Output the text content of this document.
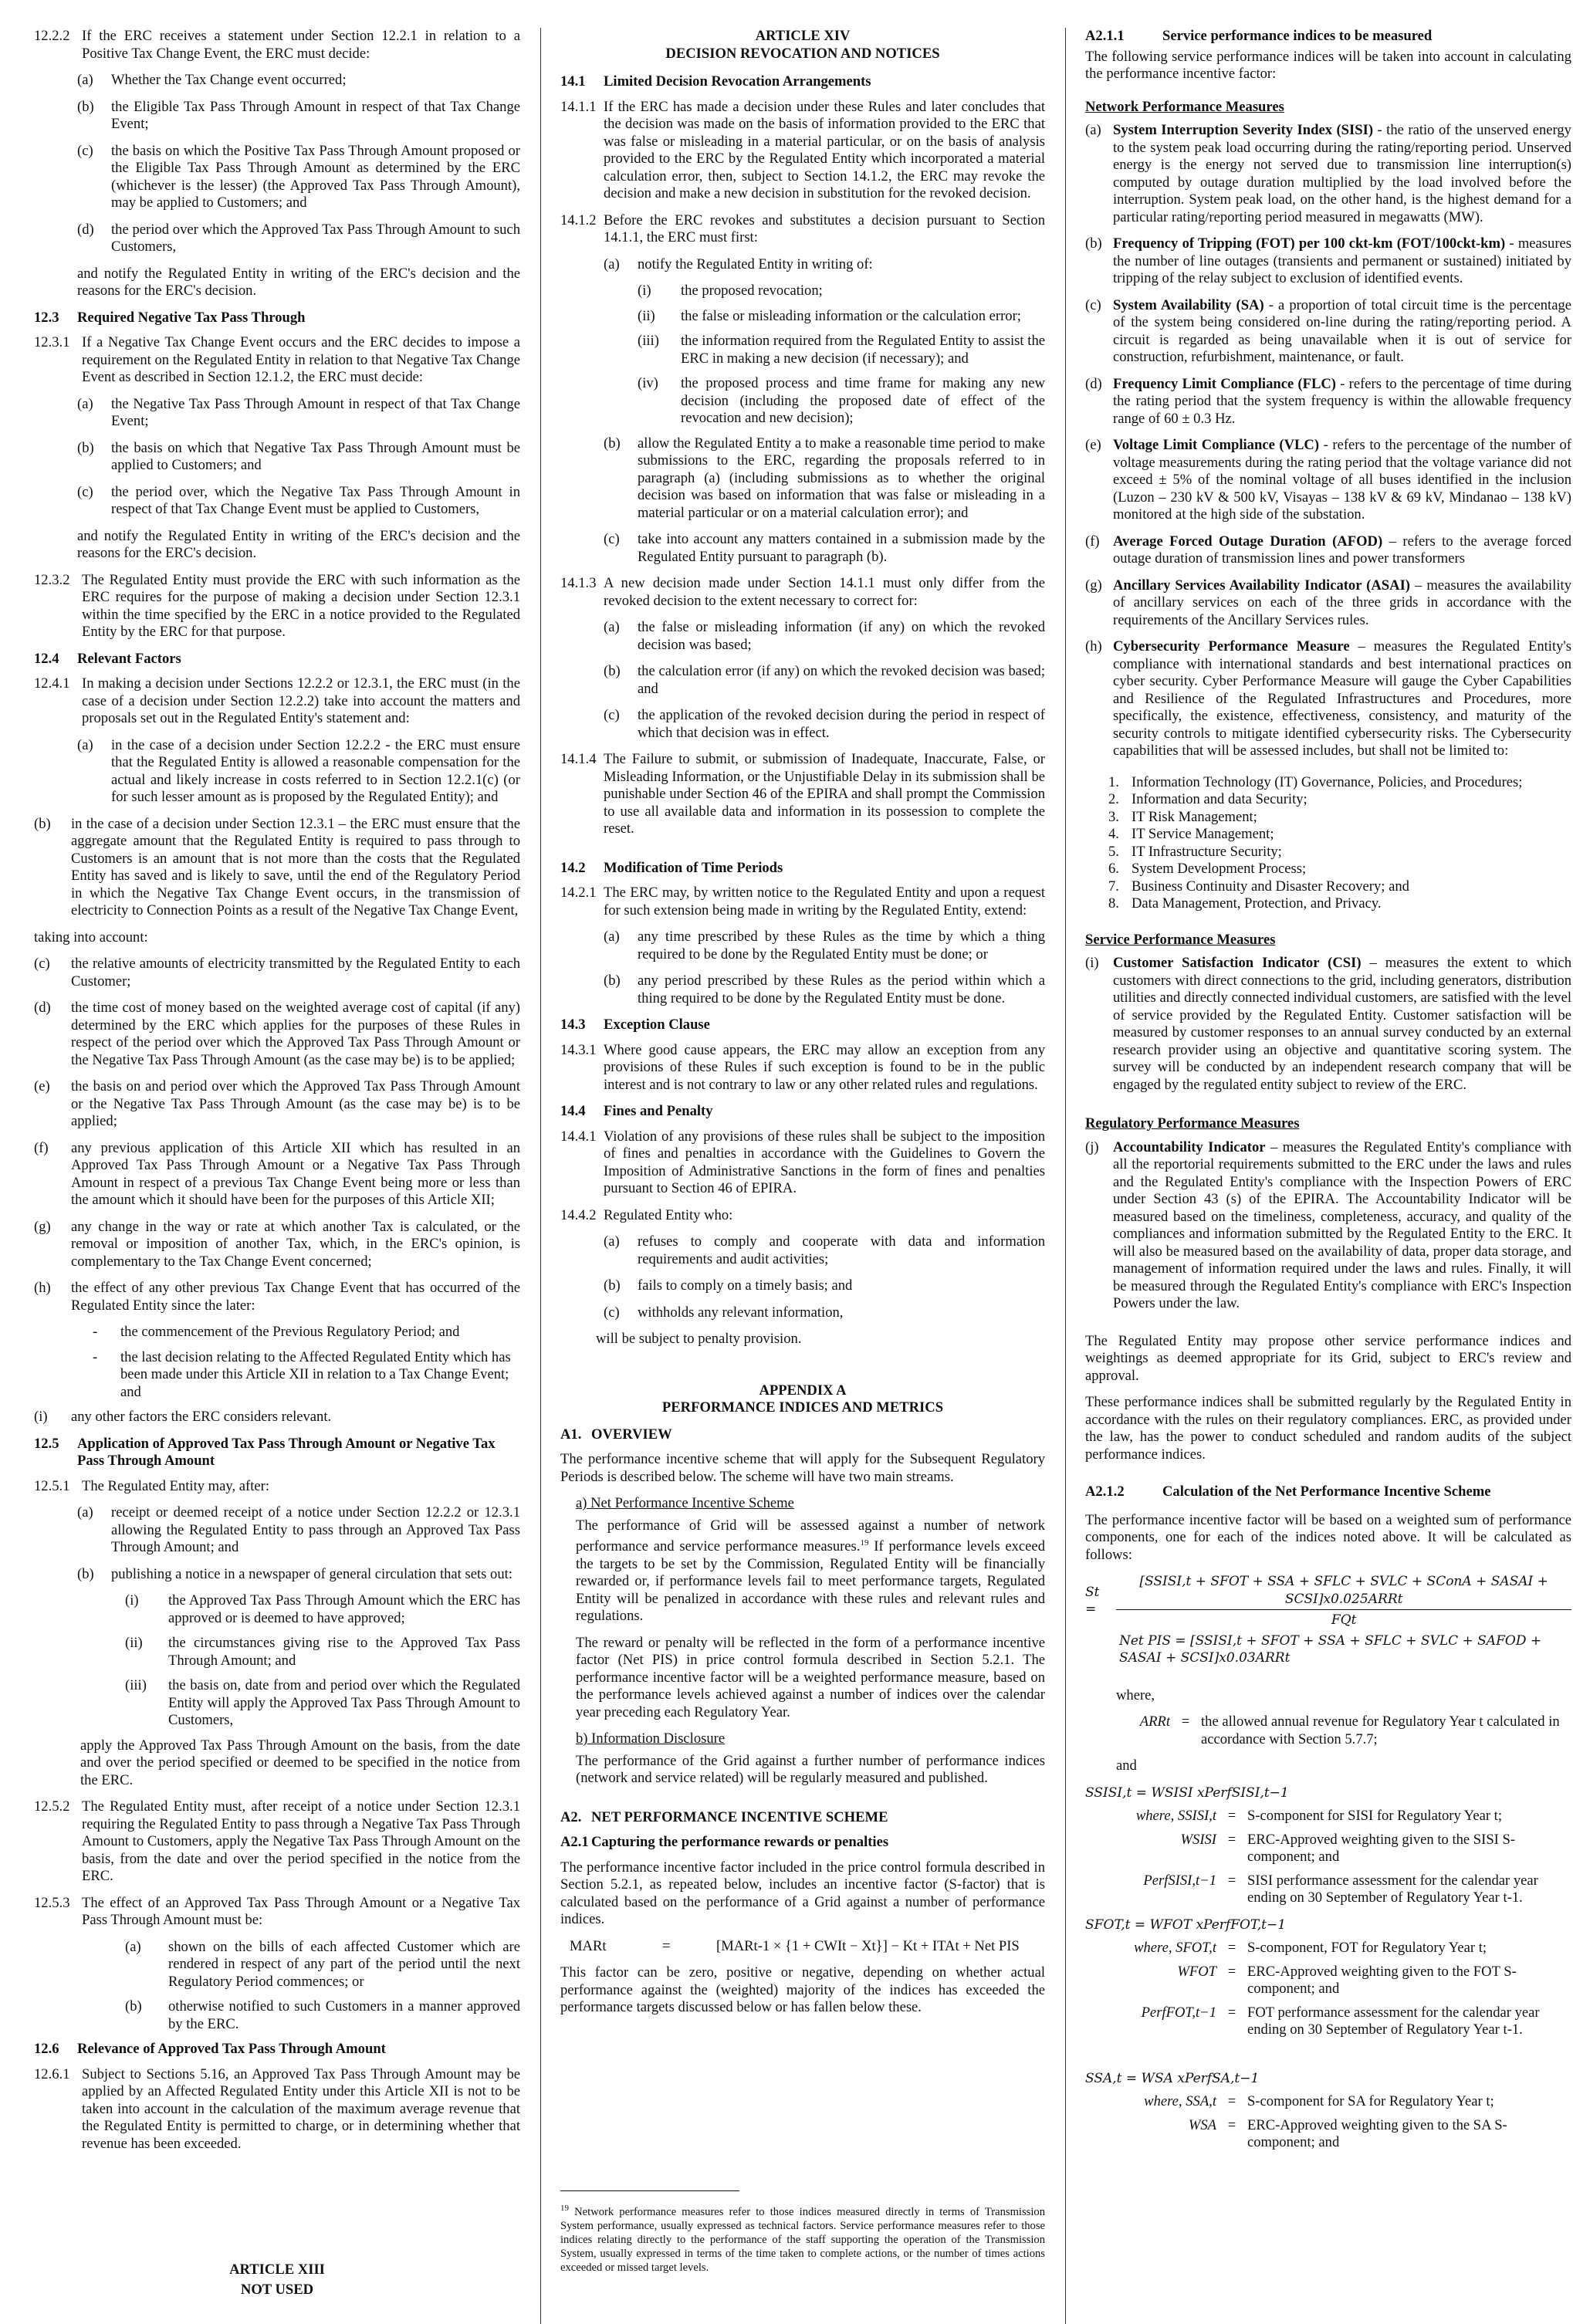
12.2.2 If the ERC receives a statement under Section 12.2.1 in relation to a Positive Tax Change Event, the ERC must decide:
(a)	Whether the Tax Change event occurred;
(b)	the Eligible Tax Pass Through Amount in respect of that Tax Change Event;
(c)	the basis on which the Positive Tax Pass Through Amount proposed or the Eligible Tax Pass Through Amount as determined by the ERC (whichever is the lesser) (the Approved Tax Pass Through Amount), may be applied to Customers; and
(d)	the period over which the Approved Tax Pass Through Amount to such Customers,

and notify the Regulated Entity in writing of the ERC's decision and the reasons for the ERC's decision.

12.3 Required Negative Tax Pass Through
12.3.1 If a Negative Tax Change Event occurs and the ERC decides to impose a requirement on the Regulated Entity in relation to that Negative Tax Change Event as described in Section 12.1.2, the ERC must decide:
(a)	the Negative Tax Pass Through Amount in respect of that Tax Change Event;
(b)	the basis on which that Negative Tax Pass Through Amount must be applied to Customers; and
(c)	the period over, which the Negative Tax Pass Through Amount in respect of that Tax Change Event must be applied to Customers,

and notify the Regulated Entity in writing of the ERC's decision and the reasons for the ERC's decision.

12.3.2 The Regulated Entity must provide the ERC with such information as the ERC requires for the purpose of making a decision under Section 12.3.1 within the time specified by the ERC in a notice provided to the Regulated Entity by the ERC for that purpose.
12.4 Relevant Factors
12.4.1 In making a decision under Sections 12.2.2 or 12.3.1, the ERC must (in the case of a decision under Section 12.2.2) take into account the matters and proposals set out in the Regulated Entity's statement and:
(a)	in the case of a decision under Section 12.2.2 - the ERC must ensure that the Regulated Entity is allowed a reasonable compensation for the actual and likely increase in costs referred to in Section 12.2.1(c) (or for such lesser amount as is proposed by the Regulated Entity); and
(b)	in the case of a decision under Section 12.3.1 – the ERC must ensure that the aggregate amount that the Regulated Entity is required to pass through to Customers is an amount that is not more than the costs that the Regulated Entity has saved and is likely to save, until the end of the Regulatory Period in which the Negative Tax Change Event occurs, in the transmission of electricity to Connection Points as a result of the Negative Tax Change Event,

taking into account:

(c)	the relative amounts of electricity transmitted by the Regulated Entity to each Customer;
(d)	the time cost of money based on the weighted average cost of capital (if any) determined by the ERC which applies for the purposes of these Rules in respect of the period over which the Approved Tax Pass Through Amount or the Negative Tax Pass Through Amount (as the case may be) is to be applied;
(e)	the basis on and period over which the Approved Tax Pass Through Amount or the Negative Tax Pass Through Amount (as the case may be) is to be applied;
(f)	any previous application of this Article XII which has resulted in an Approved Tax Pass Through Amount or a Negative Tax Pass Through Amount in respect of a previous Tax Change Event being more or less than the amount which it should have been for the purposes of this Article XII;
(g)	any change in the way or rate at which another Tax is calculated, or the removal or imposition of another Tax, which, in the ERC's opinion, is complementary to the Tax Change Event concerned;
(h)	the effect of any other previous Tax Change Event that has occurred of the Regulated Entity since the later:
-	the commencement of the Previous Regulatory Period; and
-	the last decision relating to the Affected Regulated Entity which has been made under this Article XII in relation to a Tax Change Event; and
(i)	any other factors the ERC considers relevant.
12.5	Application of Approved Tax Pass Through Amount or Negative Tax Pass Through Amount
12.5.1 The Regulated Entity may, after:
(a)	receipt or deemed receipt of a notice under Section 12.2.2 or 12.3.1 allowing the Regulated Entity to pass through an Approved Tax Pass Through Amount; and
(b)	publishing a notice in a newspaper of general circulation that sets out:
(i)	the Approved Tax Pass Through Amount which the ERC has approved or is deemed to have approved;
(ii)	the circumstances giving rise to the Approved Tax Pass Through Amount; and
(iii)	the basis on, date from and period over which the Regulated Entity will apply the Approved Tax Pass Through Amount to Customers,

apply the Approved Tax Pass Through Amount on the basis, from the date and over the period specified or deemed to be specified in the notice from the ERC.

12.5.2 The Regulated Entity must, after receipt of a notice under Section 12.3.1 requiring the Regulated Entity to pass through a Negative Tax Pass Through Amount to Customers, apply the Negative Tax Pass Through Amount on the basis, from the date and over the period specified in the notice from the ERC.
12.5.3 The effect of an Approved Tax Pass Through Amount or a Negative Tax Pass Through Amount must be:
(a)	shown on the bills of each affected Customer which are rendered in respect of any part of the period until the next Regulatory Period commences; or
(b)	otherwise notified to such Customers in a manner approved by the ERC.
12.6 Relevance of Approved Tax Pass Through Amount
12.6.1 Subject to Sections 5.16, an Approved Tax Pass Through Amount may be applied by an Affected Regulated Entity under this Article XII is not to be taken into account in the calculation of the maximum average revenue that the Regulated Entity is permitted to charge, or in determining whether that revenue has been exceeded.
ARTICLE XIII
NOT USED
ARTICLE XIV
DECISION REVOCATION AND NOTICES
14.1 Limited Decision Revocation Arrangements
14.1.1 If the ERC has made a decision under these Rules and later concludes that the decision was made on the basis of information provided to the ERC that was false or misleading in a material particular, or on the basis of analysis provided to the ERC by the Regulated Entity which incorporated a material calculation error, then, subject to Section 14.1.2, the ERC may revoke the decision and make a new decision in substitution for the revoked decision.
14.1.2 Before the ERC revokes and substitutes a decision pursuant to Section 14.1.1, the ERC must first:
(a)	notify the Regulated Entity in writing of:
(i)	the proposed revocation;
(ii)	the false or misleading information or the calculation error;
(iii)	the information required from the Regulated Entity to assist the ERC in making a new decision (if necessary); and
(iv)	the proposed process and time frame for making any new decision (including the proposed date of effect of the revocation and new decision);
(b)	allow the Regulated Entity a to make a reasonable time period to make submissions to the ERC, regarding the proposals referred to in paragraph (a) (including submissions as to whether the original decision was based on information that was false or misleading in a material particular or on a material calculation error); and
(c)	take into account any matters contained in a submission made by the Regulated Entity pursuant to paragraph (b).
14.1.3 A new decision made under Section 14.1.1 must only differ from the revoked decision to the extent necessary to correct for:
(a)	the false or misleading information (if any) on which the revoked decision was based;
(b)	the calculation error (if any) on which the revoked decision was based; and
(c)	the application of the revoked decision during the period in respect of which that decision was in effect.
14.1.4 The Failure to submit, or submission of Inadequate, Inaccurate, False, or Misleading Information, or the Unjustifiable Delay in its submission shall be punishable under Section 46 of the EPIRA and shall prompt the Commission to use all available data and information in its possession to complete the reset.
14.2 Modification of Time Periods
14.2.1 The ERC may, by written notice to the Regulated Entity and upon a request for such extension being made in writing by the Regulated Entity, extend:
(a)	any time prescribed by these Rules as the time by which a thing required to be done by the Regulated Entity must be done; or
(b)	any period prescribed by these Rules as the period within which a thing required to be done by the Regulated Entity must be done.
14.3 Exception Clause
14.3.1 Where good cause appears, the ERC may allow an exception from any provisions of these Rules if such exception is found to be in the public interest and is not contrary to law or any other related rules and regulations.
14.4 Fines and Penalty
14.4.1 Violation of any provisions of these rules shall be subject to the imposition of fines and penalties in accordance with the Guidelines to Govern the Imposition of Administrative Sanctions in the form of fines and penalties pursuant to Section 46 of EPIRA.
14.4.2 Regulated Entity who:
(a)	refuses to comply and cooperate with data and information requirements and audit activities;
(b)	fails to comply on a timely basis; and
(c)	withholds any relevant information,

will be subject to penalty provision.

APPENDIX A
PERFORMANCE INDICES AND METRICS
A1. OVERVIEW

The performance incentive scheme that will apply for the Subsequent Regulatory Periods is described below. The scheme will have two main streams.

a) Net Performance Incentive Scheme

The performance of Grid will be assessed against a number of network performance and service performance measures.$^{19}$ If performance levels exceed the targets to be set by the Commission, Regulated Entity will be financially rewarded or, if performance levels fail to meet performance targets, Regulated Entity will be penalized in accordance with these rules and relevant rules and regulations.

The reward or penalty will be reflected in the form of a performance incentive factor (Net PIS) in price control formula described in Section 5.2.1. The performance incentive factor will be a weighted performance measure, based on the performance levels achieved against a number of indices over the calendar year preceding each Regulatory Year.

b) Information Disclosure

The performance of the Grid against a further number of performance indices (network and service related) will be regularly measured and published.

A2. NET PERFORMANCE INCENTIVE SCHEME
A2.1 Capturing the performance rewards or penalties

The performance incentive factor included in the price control formula described in Section 5.2.1, as repeated below, includes an incentive factor (S-factor) that is calculated based on the performance of a Grid against a number of performance indices.

MARt	=	[MARt-1 × {1 + CWIt − Xt}] − Kt + ITAt + Net PIS

This factor can be zero, positive or negative, depending on whether actual performance against the (weighted) majority of the indices has exceeded the performance targets discussed below or has fallen below these.

$^{19}$ Network performance measures refer to those indices measured directly in terms of Transmission System performance, usually expressed as technical factors. Service performance measures refer to those indices relating directly to the performance of the staff supporting the operation of the Transmission System, usually expressed in terms of the time taken to complete actions, or the number of times actions exceeded or missed target levels.
A2.1.1	Service performance indices to be measured

The following service performance indices will be taken into account in calculating the performance incentive factor:

Network Performance Measures
(a) System Interruption Severity Index (SISI) - the ratio of the unserved energy to the system peak load occurring during the rating/reporting period. Unserved energy is the energy not served due to transmission line interruption(s) computed by outage duration multiplied by the load involved before the interruption. System peak load, on the other hand, is the highest demand for a particular rating/reporting period measured in megawatts (MW).
(b) Frequency of Tripping (FOT) per 100 ckt-km (FOT/100ckt-km) - measures the number of line outages (transients and permanent or sustained) initiated by tripping of the relay subject to exclusion of identified events.
(c) System Availability (SA) - a proportion of total circuit time is the percentage of the system being considered on-line during the rating/reporting period. A circuit is regarded as being unavailable when it is out of service for construction, refurbishment, maintenance, or fault.
(d) Frequency Limit Compliance (FLC) - refers to the percentage of time during the rating period that the system frequency is within the allowable frequency range of 60 ± 0.3 Hz.
(e) Voltage Limit Compliance (VLC) - refers to the percentage of the number of voltage measurements during the rating period that the voltage variance did not exceed ± 5% of the nominal voltage of all buses identified in the inclusion (Luzon – 230 kV & 500 kV, Visayas – 138 kV & 69 kV, Mindanao – 138 kV) monitored at the high side of the substation.
(f) Average Forced Outage Duration (AFOD) – refers to the average forced outage duration of transmission lines and power transformers
(g) Ancillary Services Availability Indicator (ASAI) – measures the availability of ancillary services on each of the three grids in accordance with the requirements of the Ancillary Services rules.
(h) Cybersecurity Performance Measure – measures the Regulated Entity's compliance with international standards and best international practices on cyber security. Cyber Performance Measure will gauge the Cyber Capabilities and Resilience of the Regulated Infrastructures and Procedures, more specifically, the existence, effectiveness, consistency, and maturity of the security controls to mitigate identified cybersecurity risks. The Cybersecurity capabilities that will be assessed includes, but shall not be limited to:
1. Information Technology (IT) Governance, Policies, and Procedures;
2. Information and data Security;
3. IT Risk Management;
4. IT Service Management;
5. IT Infrastructure Security;
6. System Development Process;
7. Business Continuity and Disaster Recovery; and
8. Data Management, Protection, and Privacy.
Service Performance Measures
(i) Customer Satisfaction Indicator (CSI) – measures the extent to which customers with direct connections to the grid, including generators, distribution utilities and directly connected individual customers, are satisfied with the level of service provided by the Regulated Entity. Customer satisfaction will be measured by customer responses to an annual survey conducted by an external research provider using an objective and quantitative scoring system. The survey will be conducted by an independent research company that will be engaged by the regulated entity subject to review of the ERC.
Regulatory Performance Measures
(j) Accountability Indicator – measures the Regulated Entity's compliance with all the reportorial requirements submitted to the ERC under the laws and rules and the Regulated Entity's compliance with the Inspection Powers of ERC under Section 43 (s) of the EPIRA. The Accountability Indicator will be measured based on the timeliness, completeness, accuracy, and quality of the compliances and information submitted by the Regulated Entity to the ERC. It will also be measured based on the availability of data, proper data storage, and management of information required under the laws and rules. Finally, it will be measured through the Regulated Entity's compliance with ERC's Inspection Powers under the law.

The Regulated Entity may propose other service performance indices and weightings as deemed appropriate for its Grid, subject to ERC's review and approval.

These performance indices shall be submitted regularly by the Regulated Entity in accordance with the rules on their regulatory compliances. ERC, as provided under the law, has the power to conduct scheduled and random audits of the subject performance indices.

A2.1.2	Calculation of the Net Performance Incentive Scheme

The performance incentive factor will be based on a weighted sum of performance components, one for each of the indices noted above. It will be calculated as follows:

St =
[SSISI,t + SFOT + SSA + SFLC + SVLC + SConA + SASAI + SCSI]x0.025ARRt
FQt
Net PIS = [SSISI,t + SFOT + SSA + SFLC + SVLC + SAFOD + SASAI + SCSI]x0.03ARRt

where,

ARRt = the allowed annual revenue for Regulatory Year t calculated in accordance with Section 5.7.7;

and

SSISI,t = WSISI xPerfSISI,t−1
where, SSISI,t = S-component for SISI for Regulatory Year t;
WSISI = ERC-Approved weighting given to the SISI S-component; and
PerfSISI,t−1 = SISI performance assessment for the calendar year ending on 30 September of Regulatory Year t-1.
SFOT,t = WFOT xPerfFOT,t−1
where, SFOT,t = S-component, FOT for Regulatory Year t;
WFOT = ERC-Approved weighting given to the FOT S-component; and
PerfFOT,t−1 = FOT performance assessment for the calendar year ending on 30 September of Regulatory Year t-1.
SSA,t = WSA xPerfSA,t−1
where, SSA,t = S-component for SA for Regulatory Year t;
WSA = ERC-Approved weighting given to the SA S-component; and
